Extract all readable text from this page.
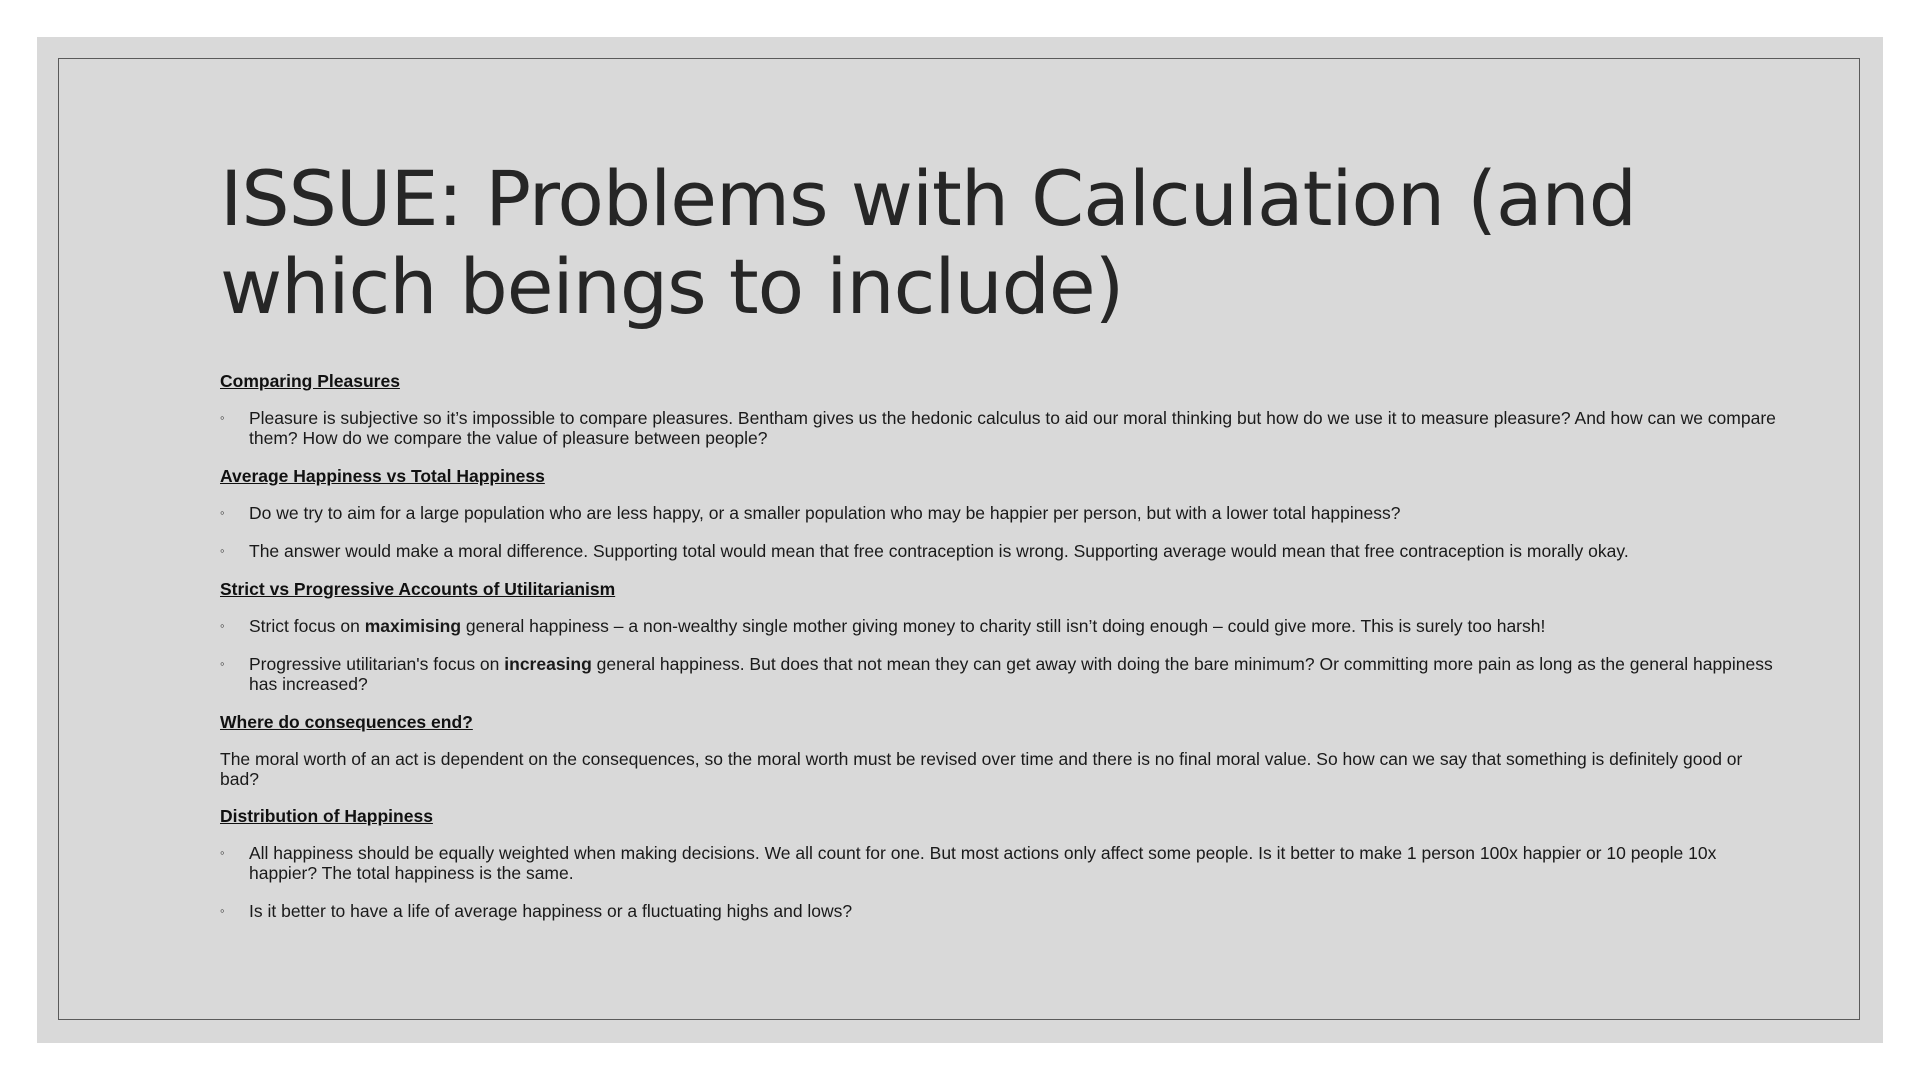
ISSUE: Problems with Calculation (and which beings to include)

Comparing Pleasures

◦ Pleasure is subjective so it’s impossible to compare pleasures. Bentham gives us the hedonic calculus to aid our moral thinking but how do we use it to measure pleasure? And how can we compare them? How do we compare the value of pleasure between people?

Average Happiness vs Total Happiness

◦ Do we try to aim for a large population who are less happy, or a smaller population who may be happier per person, but with a lower total happiness?
◦ The answer would make a moral difference. Supporting total would mean that free contraception is wrong. Supporting average would mean that free contraception is morally okay.

Strict vs Progressive Accounts of Utilitarianism

◦ Strict focus on maximising general happiness – a non-wealthy single mother giving money to charity still isn’t doing enough – could give more. This is surely too harsh!
◦ Progressive utilitarian's focus on increasing general happiness. But does that not mean they can get away with doing the bare minimum? Or committing more pain as long as the general happiness has increased?

Where do consequences end?

The moral worth of an act is dependent on the consequences, so the moral worth must be revised over time and there is no final moral value. So how can we say that something is definitely good or bad?

Distribution of Happiness

◦ All happiness should be equally weighted when making decisions. We all count for one. But most actions only affect some people. Is it better to make 1 person 100x happier or 10 people 10x happier? The total happiness is the same.
◦ Is it better to have a life of average happiness or a fluctuating highs and lows?
